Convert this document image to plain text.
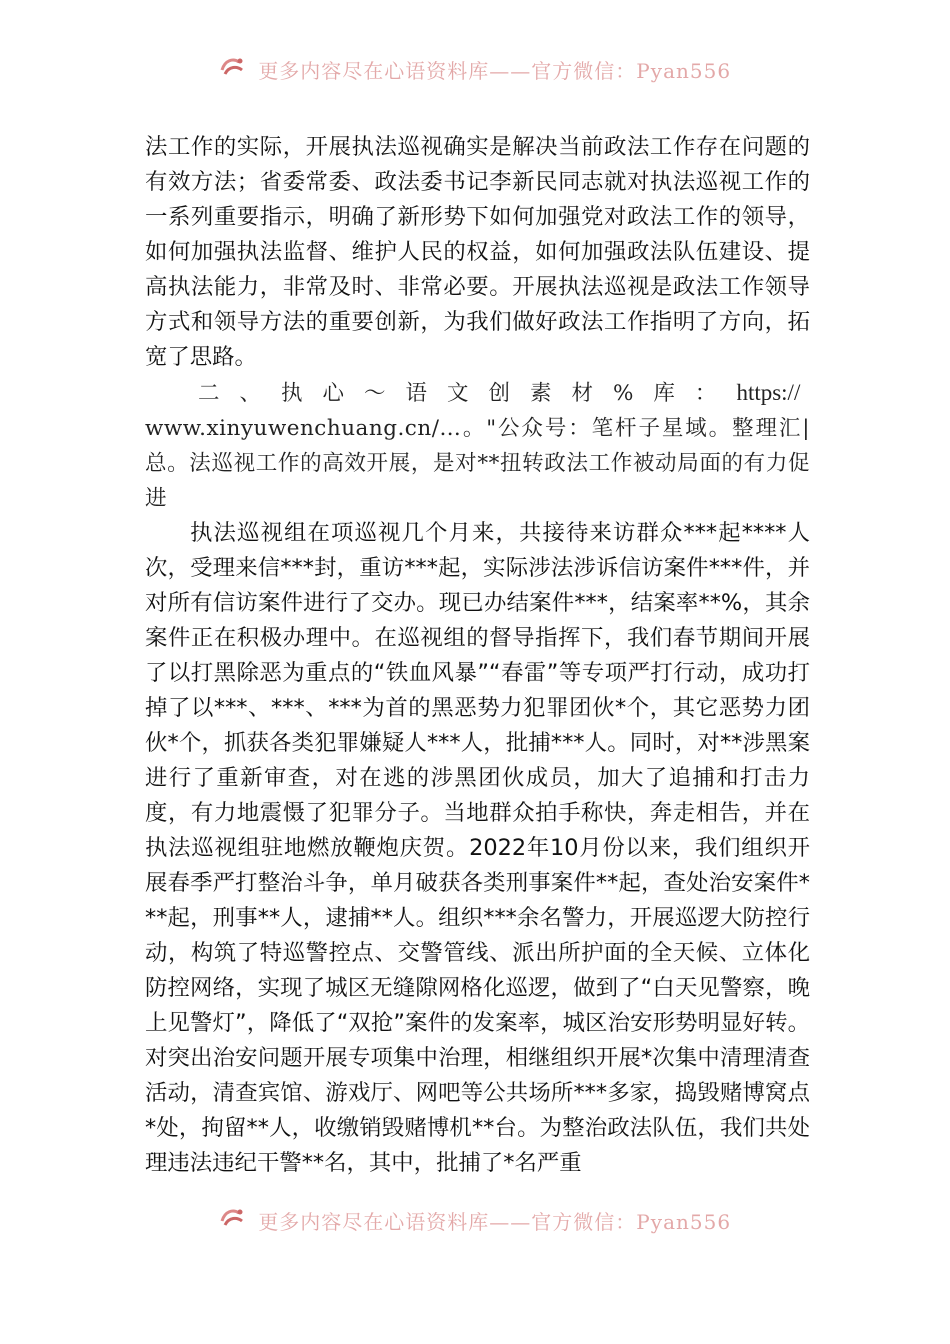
更多内容尽在心语资料库——官方微信：Pyan556

法工作的实际，开展执法巡视确实是解决当前政法工作存在问题的有效方法；省委常委、政法委书记李新民同志就对执法巡视工作的一系列重要指示，明确了新形势下如何加强党对政法工作的领导，如何加强执法监督、维护人民的权益，如何加强政法队伍建设、提高执法能力，非常及时、非常必要。开展执法巡视是政法工作领导方式和领导方法的重要创新，为我们做好政法工作指明了方向，拓宽了思路。

二、执心～语文创素材%库：https://
www.xinyuwenchuang.cn/…。"公众号：笔杆子星域。整理汇|总。法巡视工作的高效开展，是对**扭转政法工作被动局面的有力促进

执法巡视组在项巡视几个月来，共接待来访群众***起****人次，受理来信***封，重访***起，实际涉法涉诉信访案件***件，并对所有信访案件进行了交办。现已办结案件***，结案率**%，其余案件正在积极办理中。在巡视组的督导指挥下，我们春节期间开展了以打黑除恶为重点的“铁血风暴”“春雷”等专项严打行动，成功打掉了以***、***、***为首的黑恶势力犯罪团伙*个，其它恶势力团伙*个，抓获各类犯罪嫌疑人***人，批捕***人。同时，对**涉黑案进行了重新审查，对在逃的涉黑团伙成员，加大了追捕和打击力度，有力地震慑了犯罪分子。当地群众拍手称快，奔走相告，并在执法巡视组驻地燃放鞭炮庆贺。2022年10月份以来，我们组织开展春季严打整治斗争，单月破获各类刑事案件**起，查处治安案件***起，刑事**人，逮捕**人。组织***余名警力，开展巡逻大防控行动，构筑了特巡警控点、交警管线、派出所护面的全天候、立体化防控网络，实现了城区无缝隙网格化巡逻，做到了“白天见警察，晚上见警灯”，降低了“双抢”案件的发案率，城区治安形势明显好转。对突出治安问题开展专项集中治理，相继组织开展*次集中清理清查活动，清查宾馆、游戏厅、网吧等公共场所***多家，捣毁赌博窝点*处，拘留**人，收缴销毁赌博机**台。为整治政法队伍，我们共处理违法违纪干警**名，其中，批捕了*名严重

更多内容尽在心语资料库——官方微信：Pyan556
